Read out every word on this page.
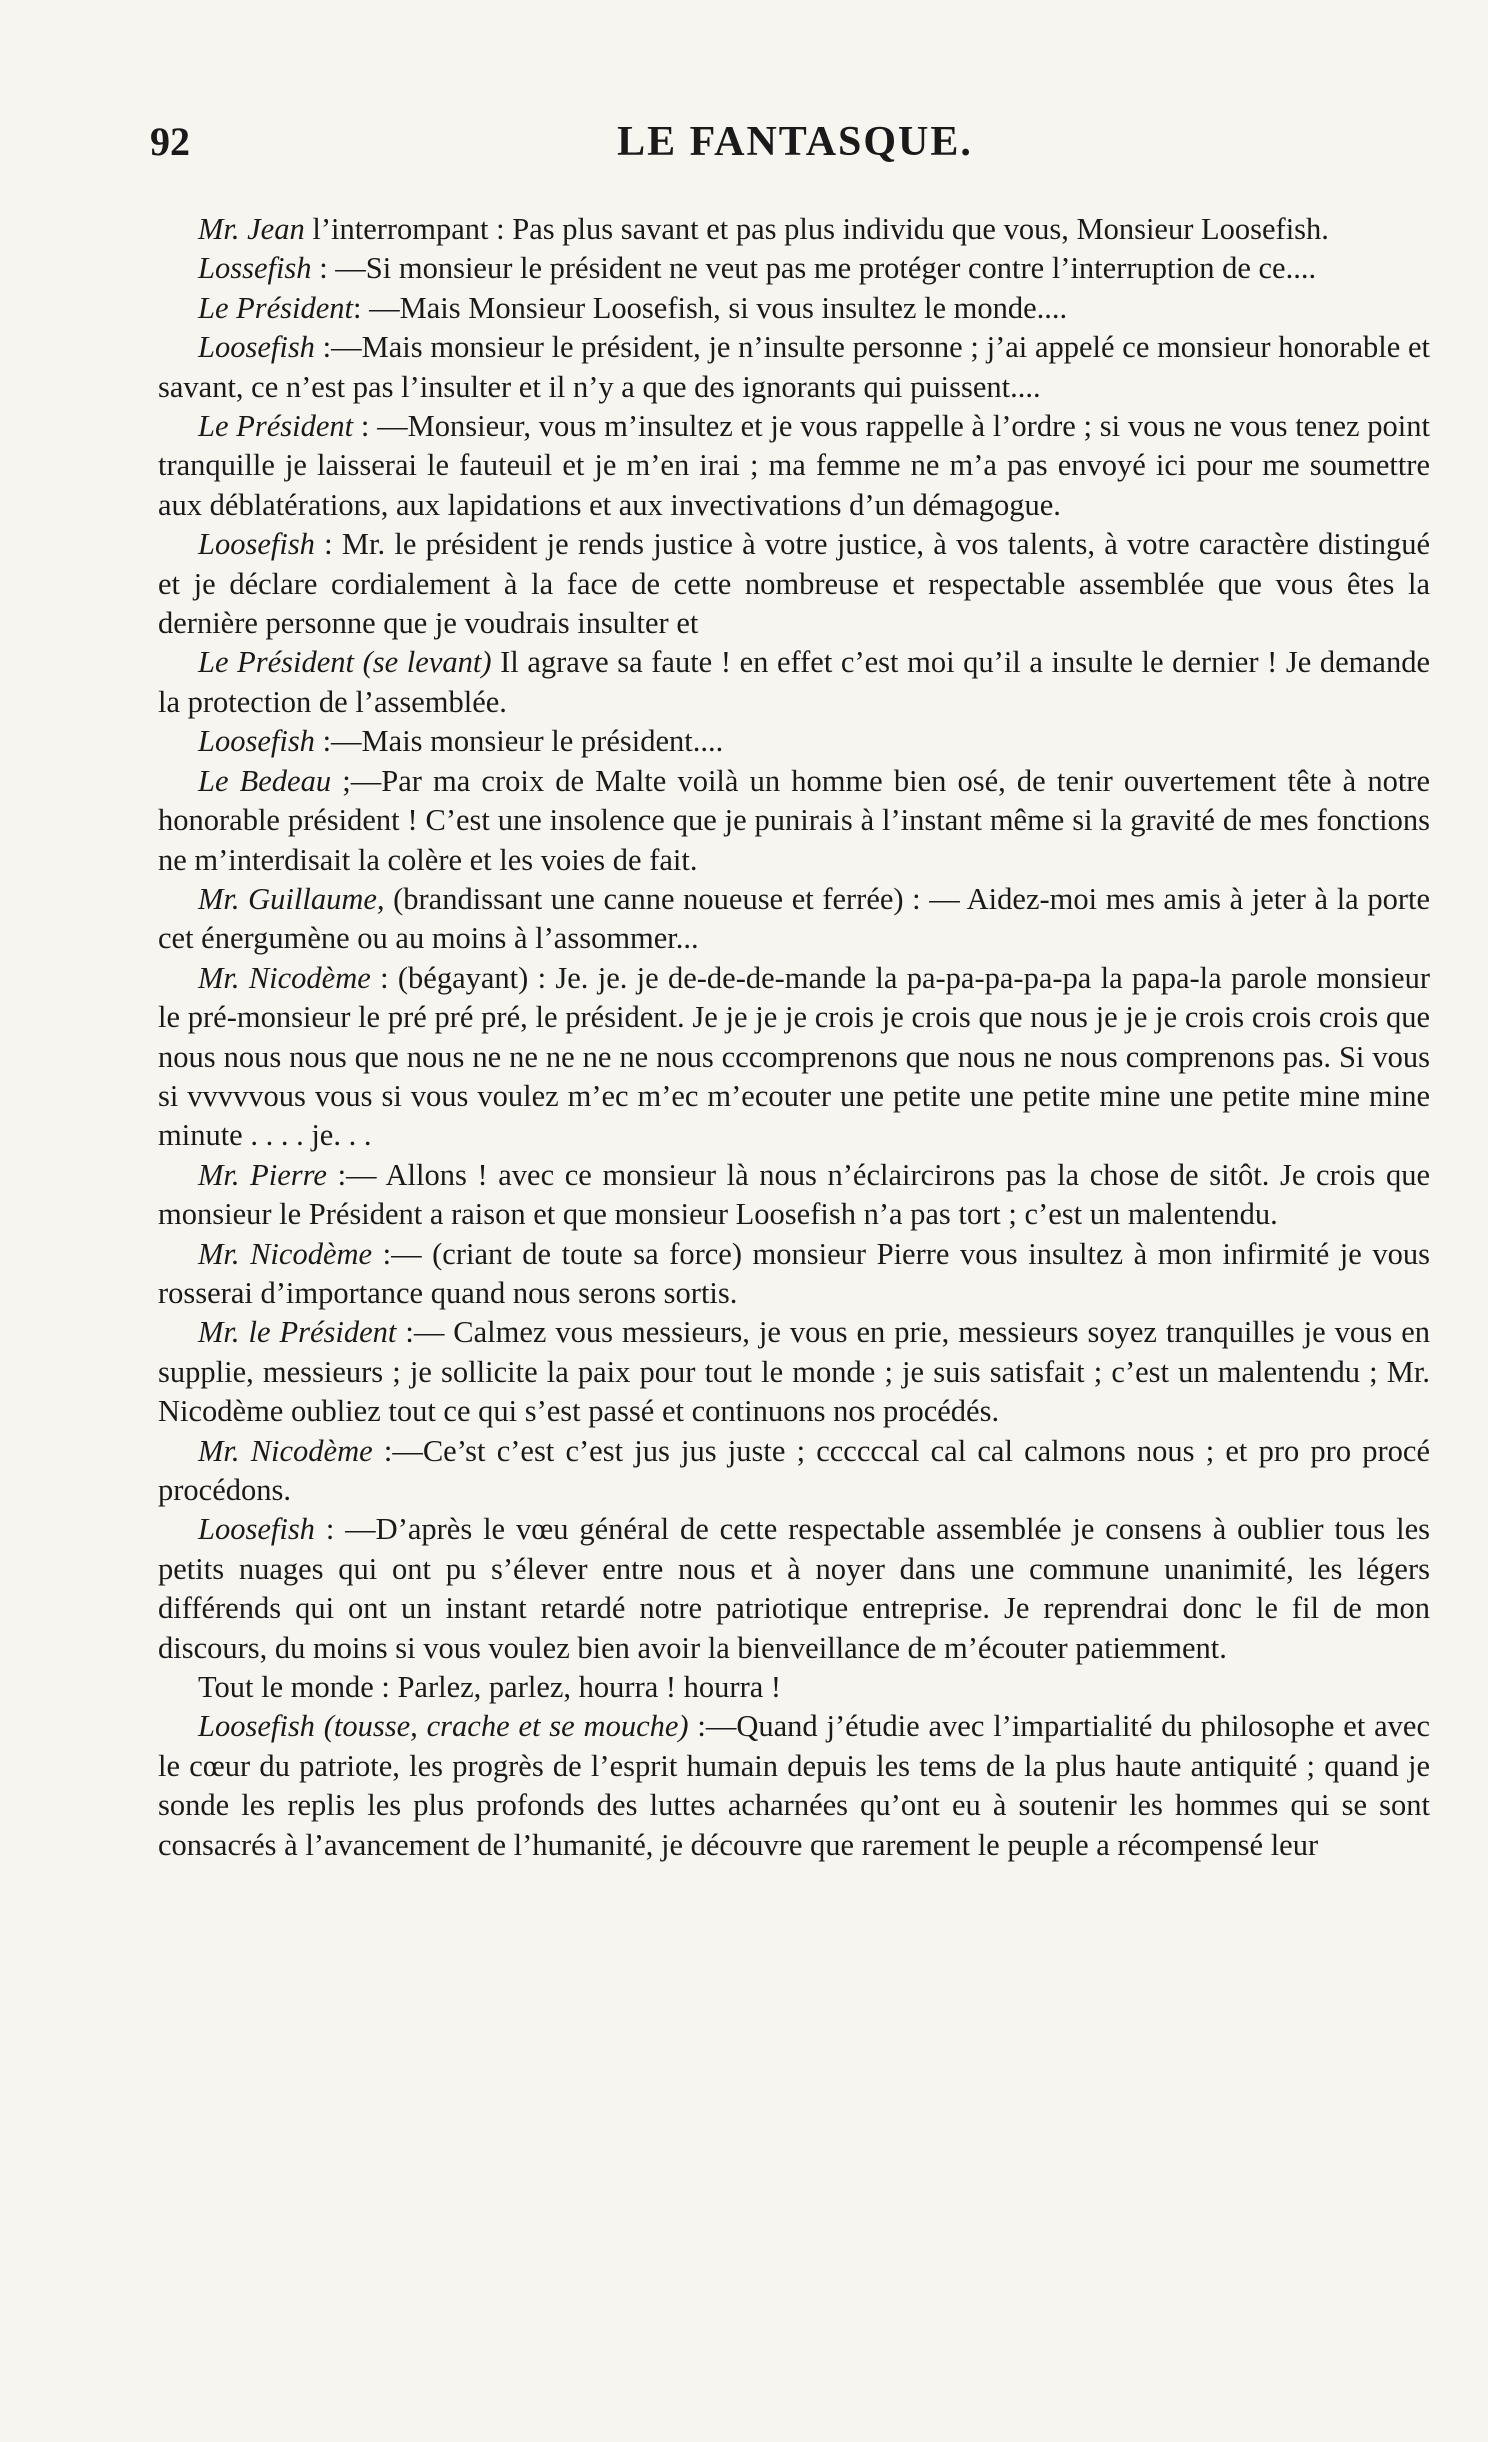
92	LE FANTASQUE.

Mr. Jean l’interrompant : Pas plus savant et pas plus individu que vous, Monsieur Loosefish.

Lossefish : —Si monsieur le président ne veut pas me protéger contre l’interruption de ce....

Le Président: —Mais Monsieur Loosefish, si vous insultez le monde....

Loosefish :—Mais monsieur le président, je n’insulte personne ; j’ai appelé ce monsieur honorable et savant, ce n’est pas l’insulter et il n’y a que des ignorants qui puissent....

Le Président : —Monsieur, vous m’insultez et je vous rappelle à l’ordre ; si vous ne vous tenez point tranquille je laisserai le fauteuil et je m’en irai ; ma femme ne m’a pas envoyé ici pour me soumettre aux déblatérations, aux lapidations et aux invectivations d’un démagogue.

Loosefish : Mr. le président je rends justice à votre justice, à vos talents, à votre caractère distingué et je déclare cordialement à la face de cette nombreuse et respectable assemblée que vous êtes la dernière personne que je voudrais insulter et

Le Président (se levant) Il agrave sa faute ! en effet c’est moi qu’il a insulte le dernier ! Je demande la protection de l’assemblée.

Loosefish :—Mais monsieur le président....

Le Bedeau ;—Par ma croix de Malte voilà un homme bien osé, de tenir ouvertement tête à notre honorable président ! C’est une insolence que je punirais à l’instant même si la gravité de mes fonctions ne m’interdisait la colère et les voies de fait.

Mr. Guillaume, (brandissant une canne noueuse et ferrée) : — Aidez-moi mes amis à jeter à la porte cet énergumène ou au moins à l’assommer...

Mr. Nicodème : (bégayant) : Je. je. je de-de-de-mande la pa-pa-pa-pa-pa la papa-la parole monsieur le pré-monsieur le pré pré pré, le président. Je je je je crois je crois que nous je je je crois crois crois que nous nous nous que nous ne ne ne ne ne nous cccomprenons que nous ne nous comprenons pas. Si vous si vvvvvous vous si vous voulez m’ec m’ec m’ecouter une petite une petite mine une petite mine mine minute . . . . je. . .

Mr. Pierre :— Allons ! avec ce monsieur là nous n’éclaircirons pas la chose de sitôt. Je crois que monsieur le Président a raison et que monsieur Loosefish n’a pas tort ; c’est un malentendu.

Mr. Nicodème :— (criant de toute sa force) monsieur Pierre vous insultez à mon infirmité je vous rosserai d’importance quand nous serons sortis.

Mr. le Président :— Calmez vous messieurs, je vous en prie, messieurs soyez tranquilles je vous en supplie, messieurs ; je sollicite la paix pour tout le monde ; je suis satisfait ; c’est un malentendu ; Mr. Nicodème oubliez tout ce qui s’est passé et continuons nos procédés.

Mr. Nicodème :—Ce’st c’est c’est jus jus juste ; ccccccal cal cal calmons nous ; et pro pro procé procédons.

Loosefish : —D’après le vœu général de cette respectable assemblée je consens à oublier tous les petits nuages qui ont pu s’élever entre nous et à noyer dans une commune unanimité, les légers différends qui ont un instant retardé notre patriotique entreprise. Je reprendrai donc le fil de mon discours, du moins si vous voulez bien avoir la bienveillance de m’écouter patiemment.

Tout le monde : Parlez, parlez, hourra ! hourra !

Loosefish (tousse, crache et se mouche) :—Quand j’étudie avec l’impartialité du philosophe et avec le cœur du patriote, les progrès de l’esprit humain depuis les tems de la plus haute antiquité ; quand je sonde les replis les plus profonds des luttes acharnées qu’ont eu à soutenir les hommes qui se sont consacrés à l’avancement de l’humanité, je découvre que rarement le peuple a récompensé leur
